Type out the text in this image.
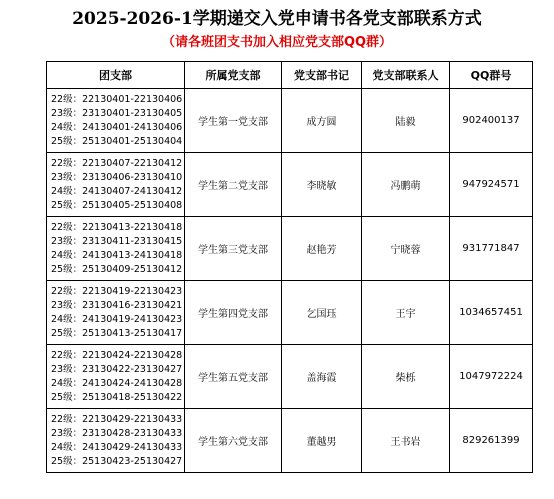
2025-2026-1学期递交入党申请书各党支部联系方式
（请各班团支书加入相应党支部QQ群）
团支部	所属党支部	党支部书记	党支部联系人	QQ群号

22级：22130401-22130406
23级：23130401-23130405
24级：24130401-24130406
25级：25130401-25130404	学生第一党支部	成方圆	陆毅	902400137

22级：22130407-22130412
23级：23130406-23130410
24级：24130407-24130412
25级：25130405-25130408	学生第二党支部	李晓敏	冯鹏萌	947924571

22级：22130413-22130418
23级：23130411-23130415
24级：24130413-24130418
25级：25130409-25130412	学生第三党支部	赵艳芳	宁晓蓉	931771847

22级：22130419-22130423
23级：23130416-23130421
24级：24130419-24130423
25级：25130413-25130417	学生第四党支部	乞国珏	王宇	1034657451

22级：22130424-22130428
23级：23130422-23130427
24级：24130424-24130428
25级：25130418-25130422	学生第五党支部	盖海霞	柴栎	1047972224

22级：22130429-22130433
23级：23130428-23130433
24级：24130429-24130433
25级：25130423-25130427	学生第六党支部	董越男	王书岩	829261399
